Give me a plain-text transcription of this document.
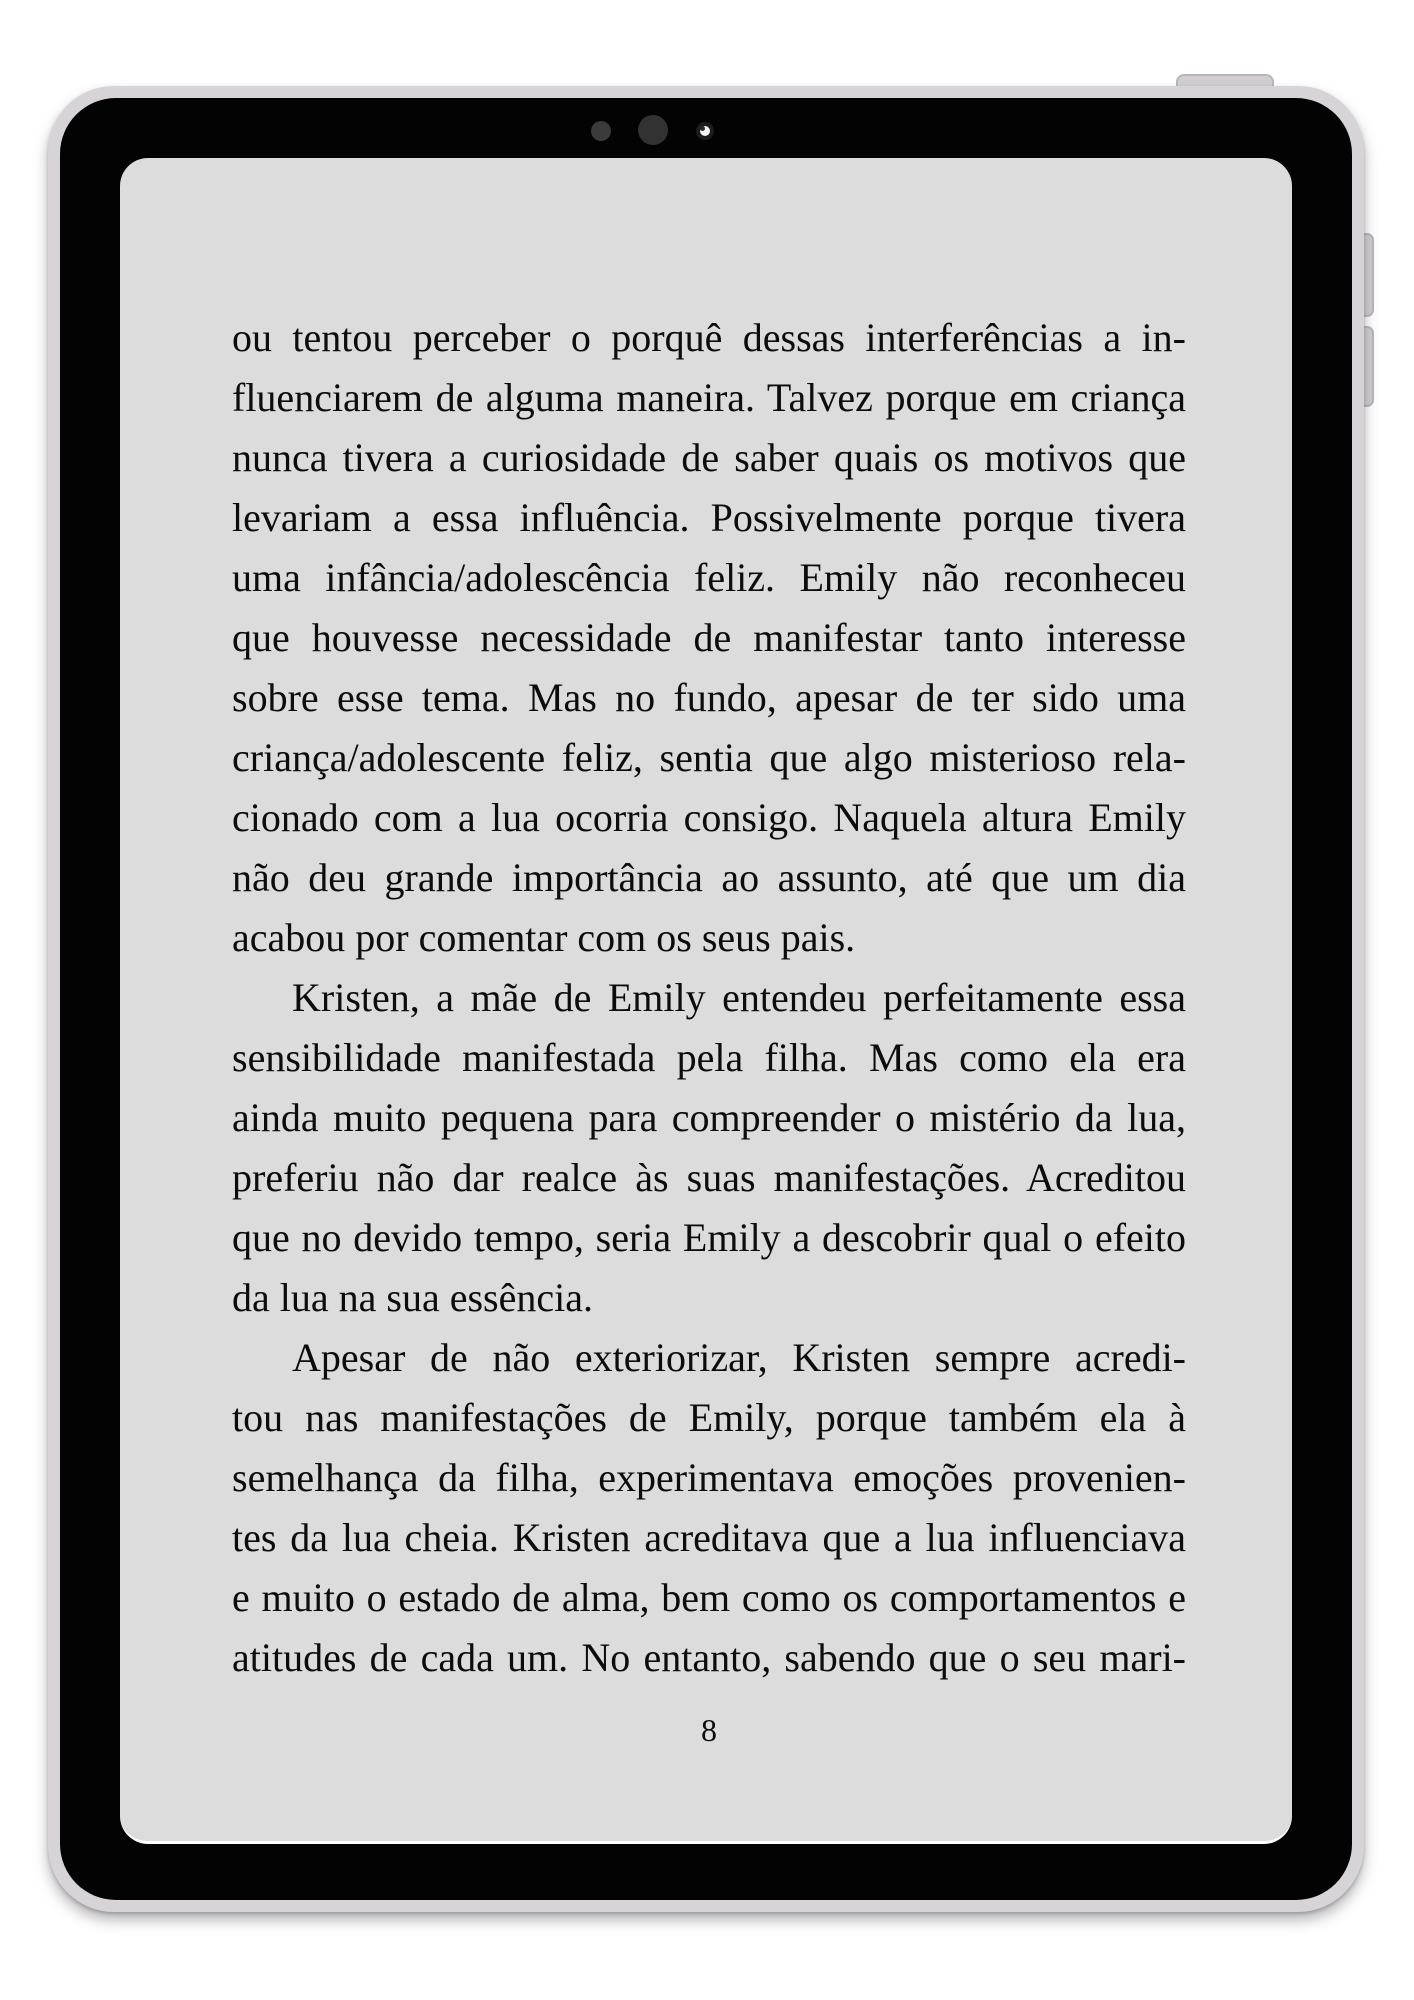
ou tentou perceber o porquê dessas interferências a in-
fluenciarem de alguma maneira. Talvez porque em criança
nunca tivera a curiosidade de saber quais os motivos que
levariam a essa influência. Possivelmente porque tivera
uma infância/adolescência feliz. Emily não reconheceu
que houvesse necessidade de manifestar tanto interesse
sobre esse tema. Mas no fundo, apesar de ter sido uma
criança/adolescente feliz, sentia que algo misterioso rela-
cionado com a lua ocorria consigo. Naquela altura Emily
não deu grande importância ao assunto, até que um dia
acabou por comentar com os seus pais.
Kristen, a mãe de Emily entendeu perfeitamente essa
sensibilidade manifestada pela filha. Mas como ela era
ainda muito pequena para compreender o mistério da lua,
preferiu não dar realce às suas manifestações. Acreditou
que no devido tempo, seria Emily a descobrir qual o efeito
da lua na sua essência.
Apesar de não exteriorizar, Kristen sempre acredi-
tou nas manifestações de Emily, porque também ela à
semelhança da filha, experimentava emoções provenien-
tes da lua cheia. Kristen acreditava que a lua influenciava
e muito o estado de alma, bem como os comportamentos e
atitudes de cada um. No entanto, sabendo que o seu mari-
8
